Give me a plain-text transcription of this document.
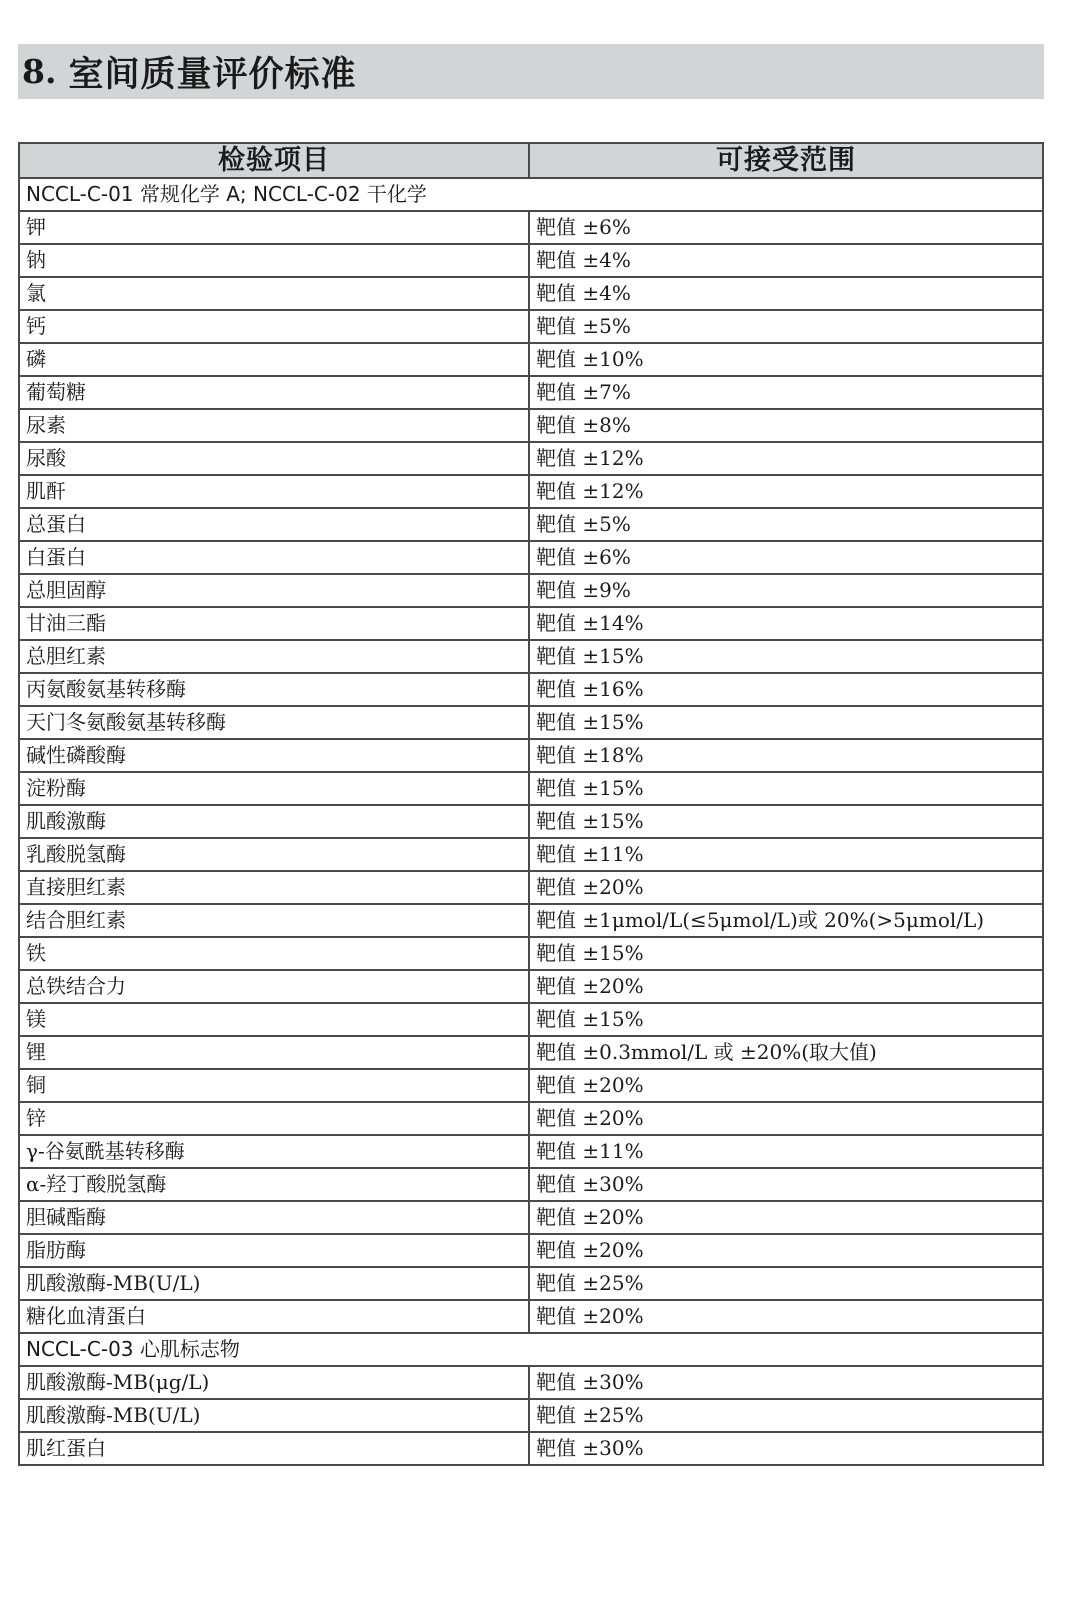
8. 室间质量评价标准
检验项目	可接受范围
NCCL-C-01 常规化学 A; NCCL-C-02 干化学	
钾	靶值 ±6%
钠	靶值 ±4%
氯	靶值 ±4%
钙	靶值 ±5%
磷	靶值 ±10%
葡萄糖	靶值 ±7%
尿素	靶值 ±8%
尿酸	靶值 ±12%
肌酐	靶值 ±12%
总蛋白	靶值 ±5%
白蛋白	靶值 ±6%
总胆固醇	靶值 ±9%
甘油三酯	靶值 ±14%
总胆红素	靶值 ±15%
丙氨酸氨基转移酶	靶值 ±16%
天门冬氨酸氨基转移酶	靶值 ±15%
碱性磷酸酶	靶值 ±18%
淀粉酶	靶值 ±15%
肌酸激酶	靶值 ±15%
乳酸脱氢酶	靶值 ±11%
直接胆红素	靶值 ±20%
结合胆红素	靶值 ±1μmol/L(≤5μmol/L)或 20%(>5μmol/L)
铁	靶值 ±15%
总铁结合力	靶值 ±20%
镁	靶值 ±15%
锂	靶值 ±0.3mmol/L 或 ±20%(取大值)
铜	靶值 ±20%
锌	靶值 ±20%
γ-谷氨酰基转移酶	靶值 ±11%
α-羟丁酸脱氢酶	靶值 ±30%
胆碱酯酶	靶值 ±20%
脂肪酶	靶值 ±20%
肌酸激酶-MB(U/L)	靶值 ±25%
糖化血清蛋白	靶值 ±20%
NCCL-C-03 心肌标志物	
肌酸激酶-MB(μg/L)	靶值 ±30%
肌酸激酶-MB(U/L)	靶值 ±25%
肌红蛋白	靶值 ±30%
